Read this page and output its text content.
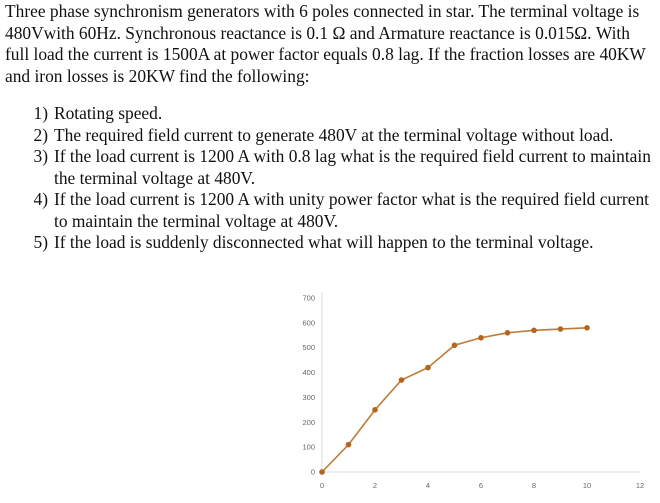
Three phase synchronism generators with 6 poles connected in star. The terminal voltage is 480Vwith 60Hz. Synchronous reactance is 0.1 Ω and Armature reactance is 0.015Ω. With full load the current is 1500A at power factor equals 0.8 lag. If the fraction losses are 40KW and iron losses is 20KW find the following:

1) Rotating speed.
2) The required field current to generate 480V at the terminal voltage without load.
3) If the load current is 1200 A with 0.8 lag what is the required field current to maintain the terminal voltage at 480V.
4) If the load current is 1200 A with unity power factor what is the required field current to maintain the terminal voltage at 480V.
5) If the load is suddenly disconnected what will happen to the terminal voltage.
0
100
200
300
400
500
600
700
0	2	4	6	8	10	12
